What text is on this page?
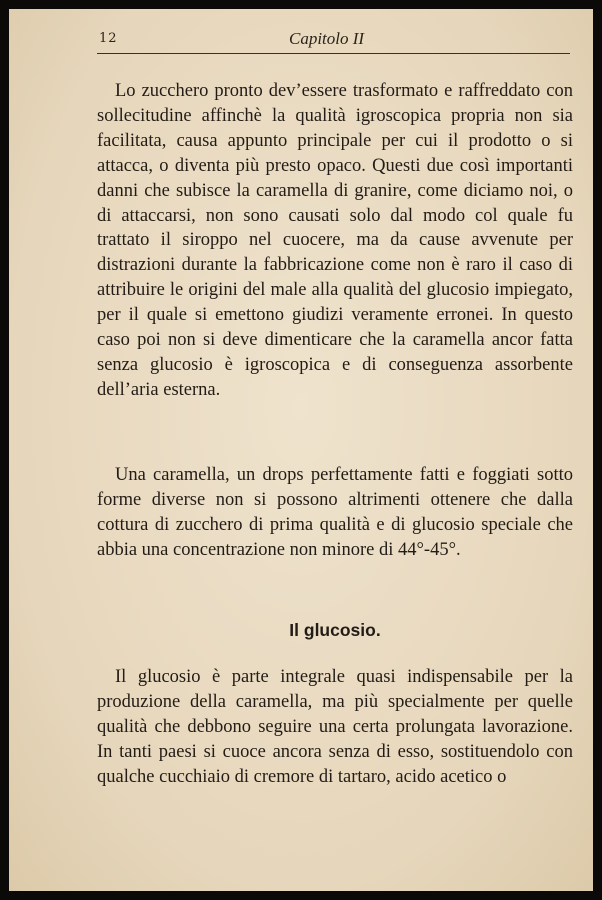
12	Capitolo II

Lo zucchero pronto dev’essere trasformato e raffreddato con sollecitudine affinchè la qualità igroscopica propria non sia facilitata, causa appunto principale per cui il prodotto o si attacca, o diventa più presto opaco. Questi due così importanti danni che subisce la caramella di granire, come diciamo noi, o di attaccarsi, non sono causati solo dal modo col quale fu trattato il siroppo nel cuocere, ma da cause avvenute per distrazioni durante la fabbricazione come non è raro il caso di attribuire le origini del male alla qualità del glucosio impiegato, per il quale si emettono giudizi veramente erronei. In questo caso poi non si deve dimenticare che la caramella ancor fatta senza glucosio è igroscopica e di conseguenza assorbente dell’aria esterna.

Una caramella, un drops perfettamente fatti e foggiati sotto forme diverse non si possono altrimenti ottenere che dalla cottura di zucchero di prima qualità e di glucosio speciale che abbia una concentrazione non minore di 44°-45°.

Il glucosio.

Il glucosio è parte integrale quasi indispensabile per la produzione della caramella, ma più specialmente per quelle qualità che debbono seguire una certa prolungata lavorazione. In tanti paesi si cuoce ancora senza di esso, sostituendolo con qualche cucchiaio di cremore di tartaro, acido acetico o
